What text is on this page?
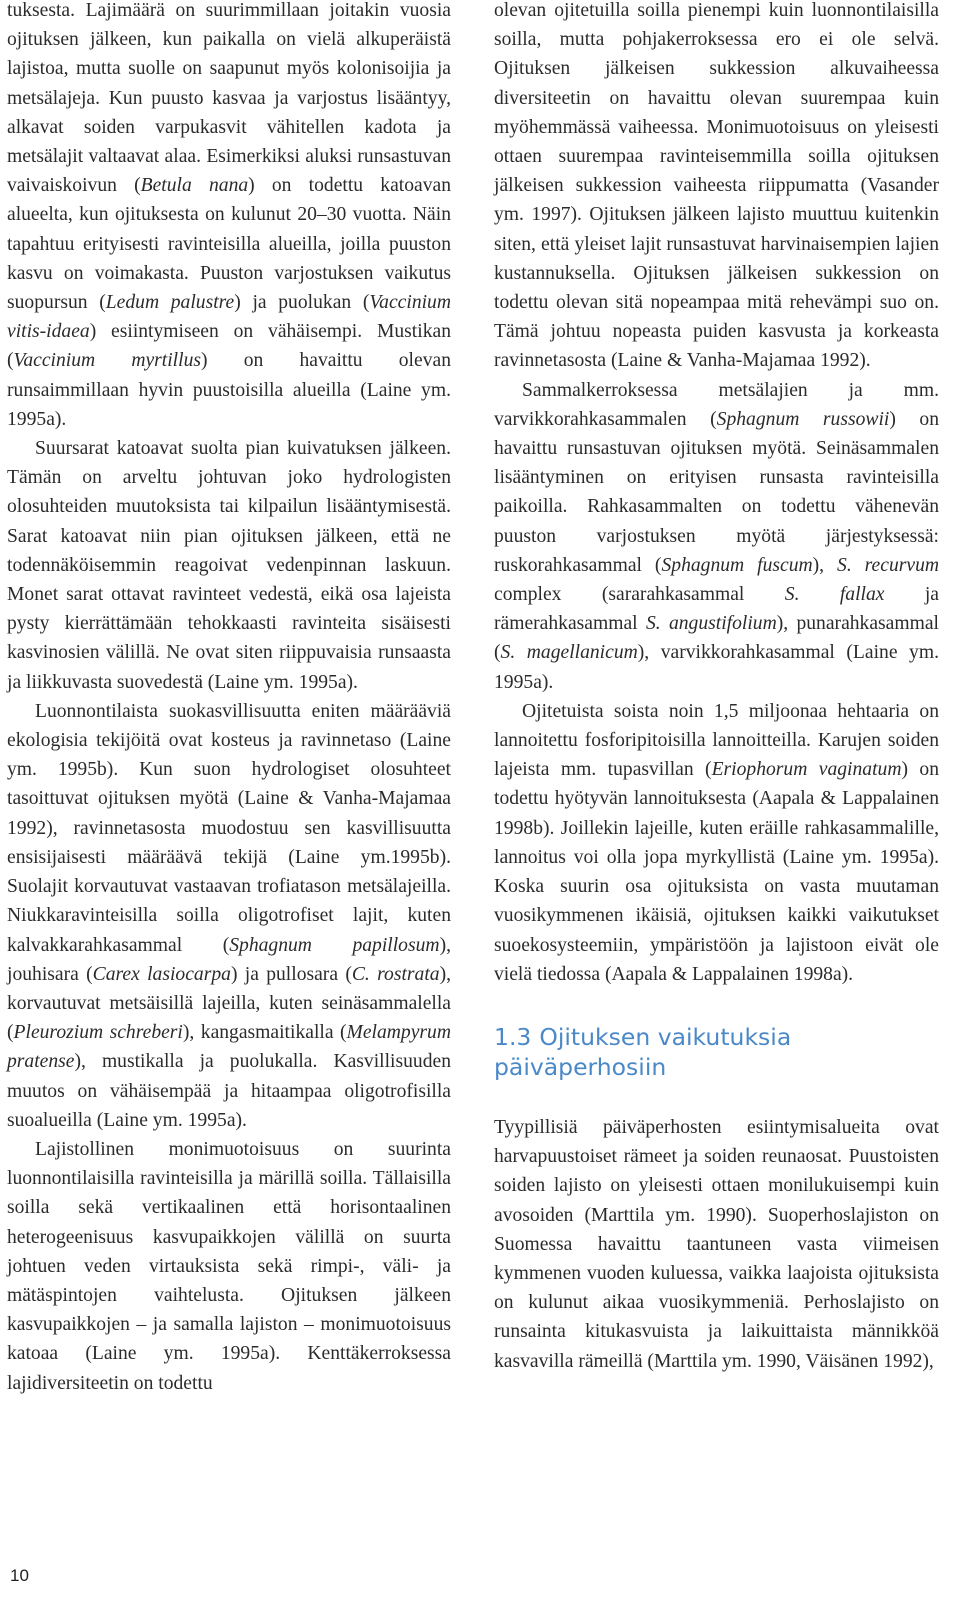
tuksesta. Lajimäärä on suurimmillaan joitakin vuosia ojituksen jälkeen, kun paikalla on vielä alkuperäistä lajistoa, mutta suolle on saapunut myös kolonisoijia ja metsälajeja. Kun puusto kasvaa ja varjostus lisääntyy, alkavat soiden varpukasvit vähitellen kadota ja metsälajit valtaavat alaa. Esimerkiksi aluksi runsastuvan vaivaiskoivun (Betula nana) on todettu katoavan alueelta, kun ojituksesta on kulunut 20–30 vuotta. Näin tapahtuu erityisesti ravinteisilla alueilla, joilla puuston kasvu on voimakasta. Puuston varjostuksen vaikutus suopursun (Ledum palustre) ja puolukan (Vaccinium vitis-idaea) esiintymiseen on vähäisempi. Mustikan (Vaccinium myrtillus) on havaittu olevan runsaimmillaan hyvin puustoisilla alueilla (Laine ym. 1995a).

Suursarat katoavat suolta pian kuivatuksen jälkeen. Tämän on arveltu johtuvan joko hydrologisten olosuhteiden muutoksista tai kilpailun lisääntymisestä. Sarat katoavat niin pian ojituksen jälkeen, että ne todennäköisemmin reagoivat vedenpinnan laskuun. Monet sarat ottavat ravinteet vedestä, eikä osa lajeista pysty kierrättämään tehokkaasti ravinteita sisäisesti kasvinosien välillä. Ne ovat siten riippuvaisia runsaasta ja liikkuvasta suovedestä (Laine ym. 1995a).

Luonnontilaista suokasvillisuutta eniten määrääviä ekologisia tekijöitä ovat kosteus ja ravinnetaso (Laine ym. 1995b). Kun suon hydrologiset olosuhteet tasoittuvat ojituksen myötä (Laine & Vanha-Majamaa 1992), ravinnetasosta muodostuu sen kasvillisuutta ensisijaisesti määräävä tekijä (Laine ym.1995b). Suolajit korvautuvat vastaavan trofiatason metsälajeilla. Niukkaravinteisilla soilla oligotrofiset lajit, kuten kalvakkarahkasammal (Sphagnum papillosum), jouhisara (Carex lasiocarpa) ja pullosara (C. rostrata), korvautuvat metsäisillä lajeilla, kuten seinäsammalella (Pleurozium schreberi), kangasmaitikalla (Melampyrum pratense), mustikalla ja puolukalla. Kasvillisuuden muutos on vähäisempää ja hitaampaa oligotrofisilla suoalueilla (Laine ym. 1995a).

Lajistollinen monimuotoisuus on suurinta luonnontilaisilla ravinteisilla ja märillä soilla. Tällaisilla soilla sekä vertikaalinen että horisontaalinen heterogeenisuus kasvupaikkojen välillä on suurta johtuen veden virtauksista sekä rimpi-, väli- ja mätäspintojen vaihtelusta. Ojituksen jälkeen kasvupaikkojen – ja samalla lajiston – monimuotoisuus katoaa (Laine ym. 1995a). Kenttäkerroksessa lajidiversiteetin on todettu

olevan ojitetuilla soilla pienempi kuin luonnontilaisilla soilla, mutta pohjakerroksessa ero ei ole selvä. Ojituksen jälkeisen sukkession alkuvaiheessa diversiteetin on havaittu olevan suurempaa kuin myöhemmässä vaiheessa. Monimuotoisuus on yleisesti ottaen suurempaa ravinteisemmilla soilla ojituksen jälkeisen sukkession vaiheesta riippumatta (Vasander ym. 1997). Ojituksen jälkeen lajisto muuttuu kuitenkin siten, että yleiset lajit runsastuvat harvinaisempien lajien kustannuksella. Ojituksen jälkeisen sukkession on todettu olevan sitä nopeampaa mitä rehevämpi suo on. Tämä johtuu nopeasta puiden kasvusta ja korkeasta ravinnetasosta (Laine & Vanha-Majamaa 1992).

Sammalkerroksessa metsälajien ja mm. varvikkorahkasammalen (Sphagnum russowii) on havaittu runsastuvan ojituksen myötä. Seinäsammalen lisääntyminen on erityisen runsasta ravinteisilla paikoilla. Rahkasammalten on todettu vähenevän puuston varjostuksen myötä järjestyksessä: ruskorahkasammal (Sphagnum fuscum), S. recurvum complex (sararahkasammal S. fallax ja rämerahkasammal S. angustifolium), punarahkasammal (S. magellanicum), varvikkorahkasammal (Laine ym. 1995a).

Ojitetuista soista noin 1,5 miljoonaa hehtaaria on lannoitettu fosforipitoisilla lannoitteilla. Karujen soiden lajeista mm. tupasvillan (Eriophorum vaginatum) on todettu hyötyvän lannoituksesta (Aapala & Lappalainen 1998b). Joillekin lajeille, kuten eräille rahkasammalille, lannoitus voi olla jopa myrkyllistä (Laine ym. 1995a). Koska suurin osa ojituksista on vasta muutaman vuosikymmenen ikäisiä, ojituksen kaikki vaikutukset suoekosysteemiin, ympäristöön ja lajistoon eivät ole vielä tiedossa (Aapala & Lappalainen 1998a).

1.3 Ojituksen vaikutuksia päiväperhosiin

Tyypillisiä päiväperhosten esiintymisalueita ovat harvapuustoiset rämeet ja soiden reunaosat. Puustoisten soiden lajisto on yleisesti ottaen monilukuisempi kuin avosoiden (Marttila ym. 1990). Suoperhoslajiston on Suomessa havaittu taantuneen vasta viimeisen kymmenen vuoden kuluessa, vaikka laajoista ojituksista on kulunut aikaa vuosikymmeniä. Perhoslajisto on runsainta kitukasvuista ja laikuittaista männikköä kasvavilla rämeillä (Marttila ym. 1990, Väisänen 1992),

10
